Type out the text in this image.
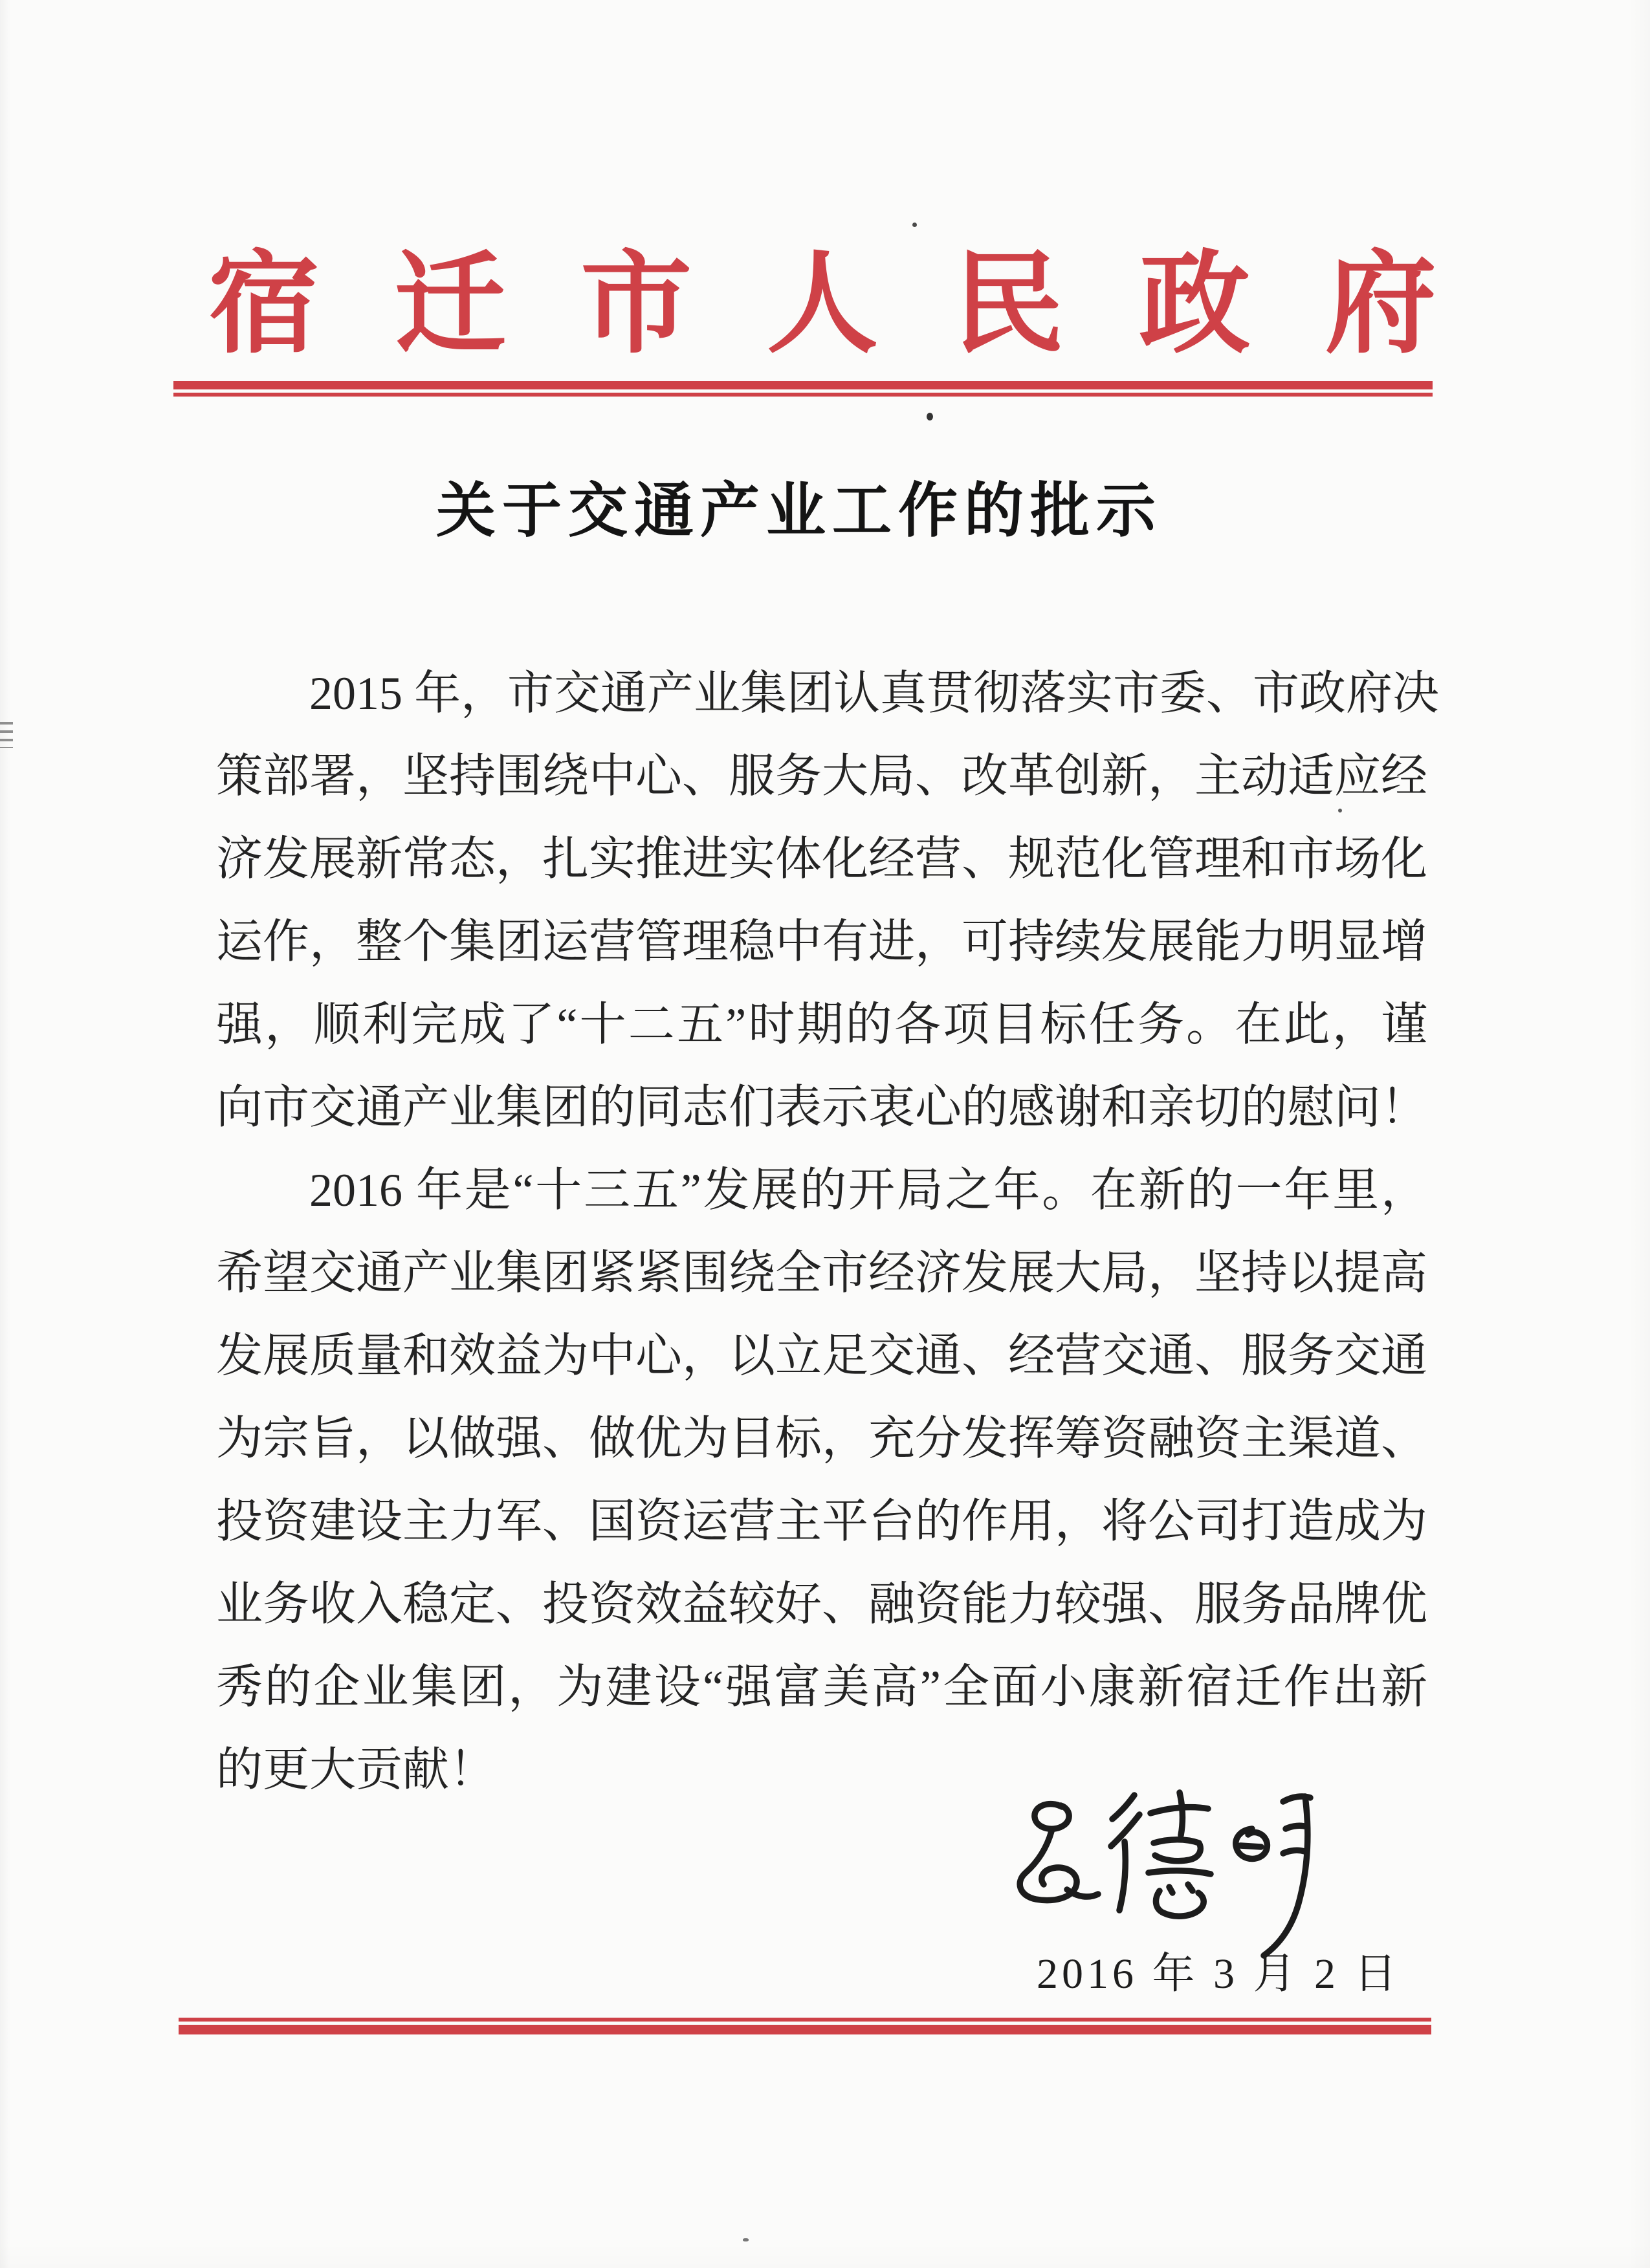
宿 迁 市 人 民 政 府
关于交通产业工作的批示
2015 年，市交通产业集团认真贯彻落实市委、市政府决
策部署，坚持围绕中心、服务大局、改革创新，主动适应经
济发展新常态，扎实推进实体化经营、规范化管理和市场化
运作，整个集团运营管理稳中有进，可持续发展能力明显增
强，顺利完成了“十二五”时期的各项目标任务。在此，谨
向市交通产业集团的同志们表示衷心的感谢和亲切的慰问！
2016 年是“十三五”发展的开局之年。在新的一年里，
希望交通产业集团紧紧围绕全市经济发展大局，坚持以提高
发展质量和效益为中心，以立足交通、经营交通、服务交通
为宗旨，以做强、做优为目标，充分发挥筹资融资主渠道、
投资建设主力军、国资运营主平台的作用，将公司打造成为
业务收入稳定、投资效益较好、融资能力较强、服务品牌优
秀的企业集团，为建设“强富美高”全面小康新宿迁作出新
的更大贡献！
2016 年 3 月 2 日
